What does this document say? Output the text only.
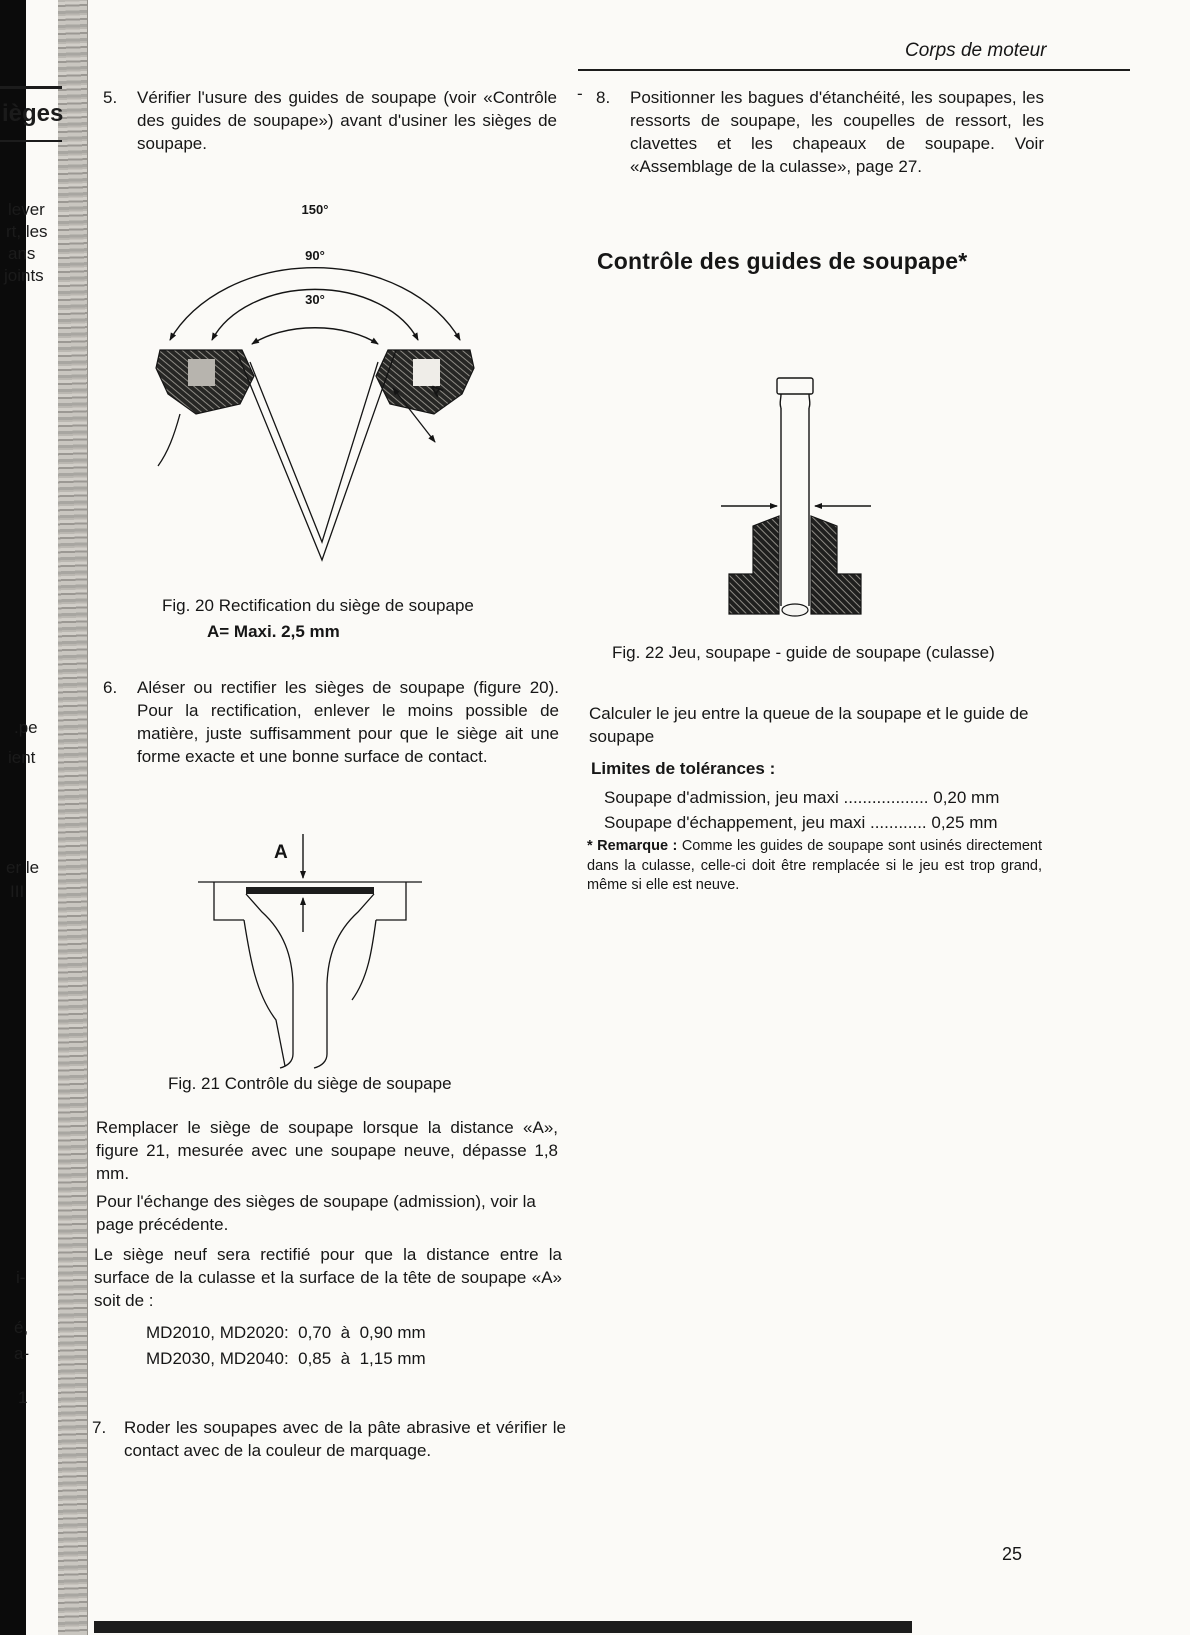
ièges
lever
rt, les
ans
joints
.pe
ient
er le
III
i-
é,
a-
1
Corps de moteur
5. Vérifier l'usure des guides de soupape (voir «Contrôle des guides de soupape») avant d'usiner les sièges de soupape.
150°
90°
30°
A
Fig. 20 Rectification du siège de soupape
A= Maxi. 2,5 mm
6. Aléser ou rectifier les sièges de soupape (figure 20). Pour la rectification, enlever le moins possible de matière, juste suffisamment pour que le siège ait une forme exacte et une bonne surface de contact.
A
Fig. 21 Contrôle du siège de soupape
Remplacer le siège de soupape lorsque la distance «A», figure 21, mesurée avec une soupape neuve, dépasse 1,8 mm.
Pour l'échange des sièges de soupape (admission), voir la page précédente.
Le siège neuf sera rectifié pour que la distance entre la surface de la culasse et la surface de la tête de soupape «A» soit de :
MD2010, MD2020:  0,70  à  0,90 mm
MD2030, MD2040:  0,85  à  1,15 mm
7. Roder les soupapes avec de la pâte abrasive et vérifier le contact avec de la couleur de marquage.
- 8. Positionner les bagues d'étanchéité, les soupapes, les ressorts de soupape, les coupelles de ressort, les clavettes et les chapeaux de soupape. Voir «Assemblage de la culasse», page 27.
Contrôle des guides de soupape*
Fig. 22 Jeu, soupape - guide de soupape (culasse)
Calculer le jeu entre la queue de la soupape et le guide de soupape
Limites de tolérances :
Soupape d'admission, jeu maxi .................. 0,20 mm
Soupape d'échappement, jeu maxi ............ 0,25 mm
* Remarque : Comme les guides de soupape sont usinés directement dans la culasse, celle-ci doit être remplacée si le jeu est trop grand, même si elle est neuve.
25
